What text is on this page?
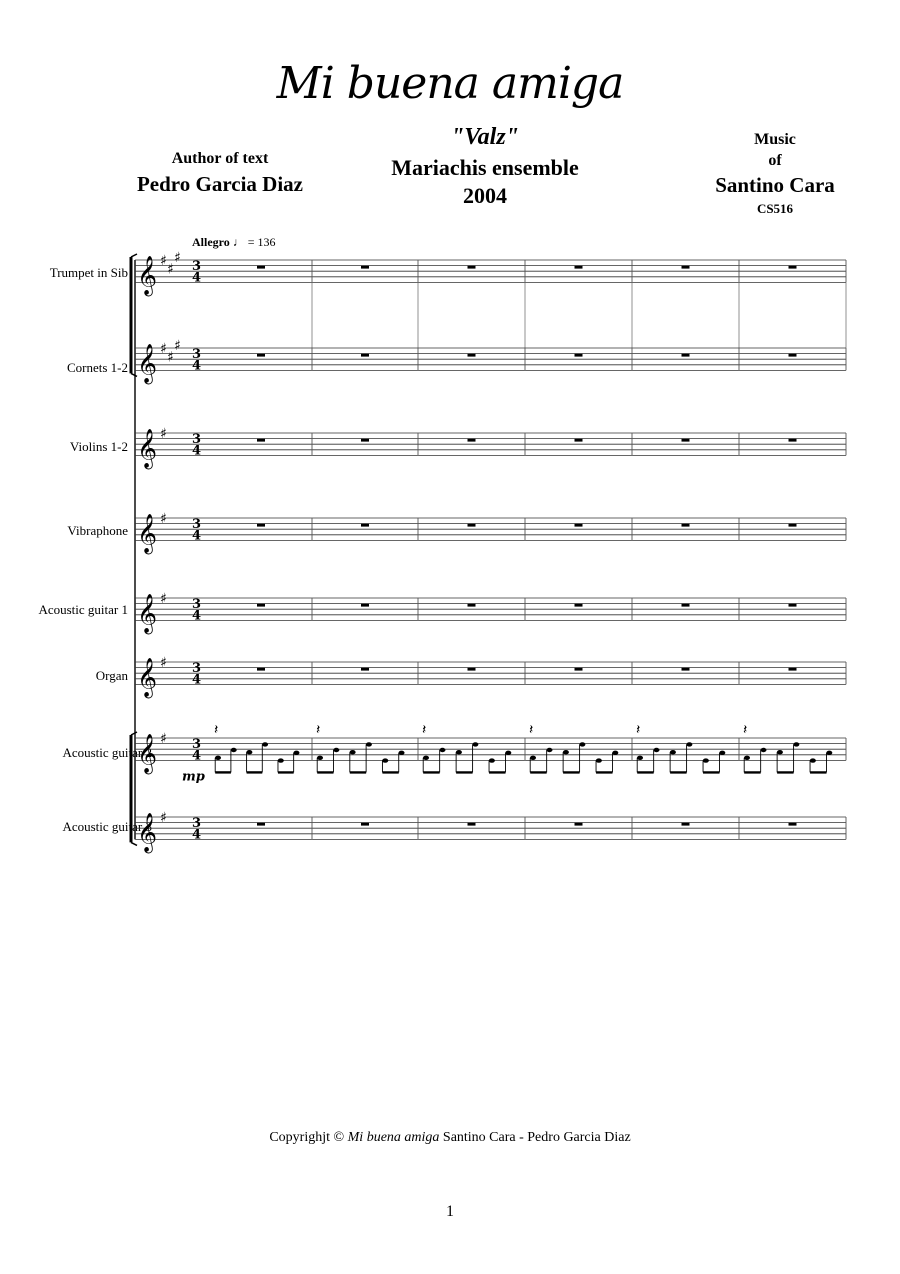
Mi buena amiga
"Valz"
Mariachis ensemble
2004
Author of text
Pedro Garcia Diaz
Music
of
Santino Cara
CS516
Allegro ♩ = 136
Trumpet in Sib
Cornets 1-2
Violins 1-2
Vibraphone
Acoustic guitar 1
Organ
Acoustic guitar 2
Acoustic guitar 3
𝄞 ♯
♯
♯
3
4
𝄞 ♯
♯
♯
3
4
𝄞 ♯ 3
4
𝄞 ♯ 3
4
𝄞 ♯ 3
4
𝄞 ♯ 3
4
𝄞 ♯ 3
4
𝄽	𝄽	𝄽	𝄽	𝄽	𝄽
𝄞 ♯ 3
4
mp
Copyrighjt © Mi buena amiga Santino Cara - Pedro Garcia Diaz
1
